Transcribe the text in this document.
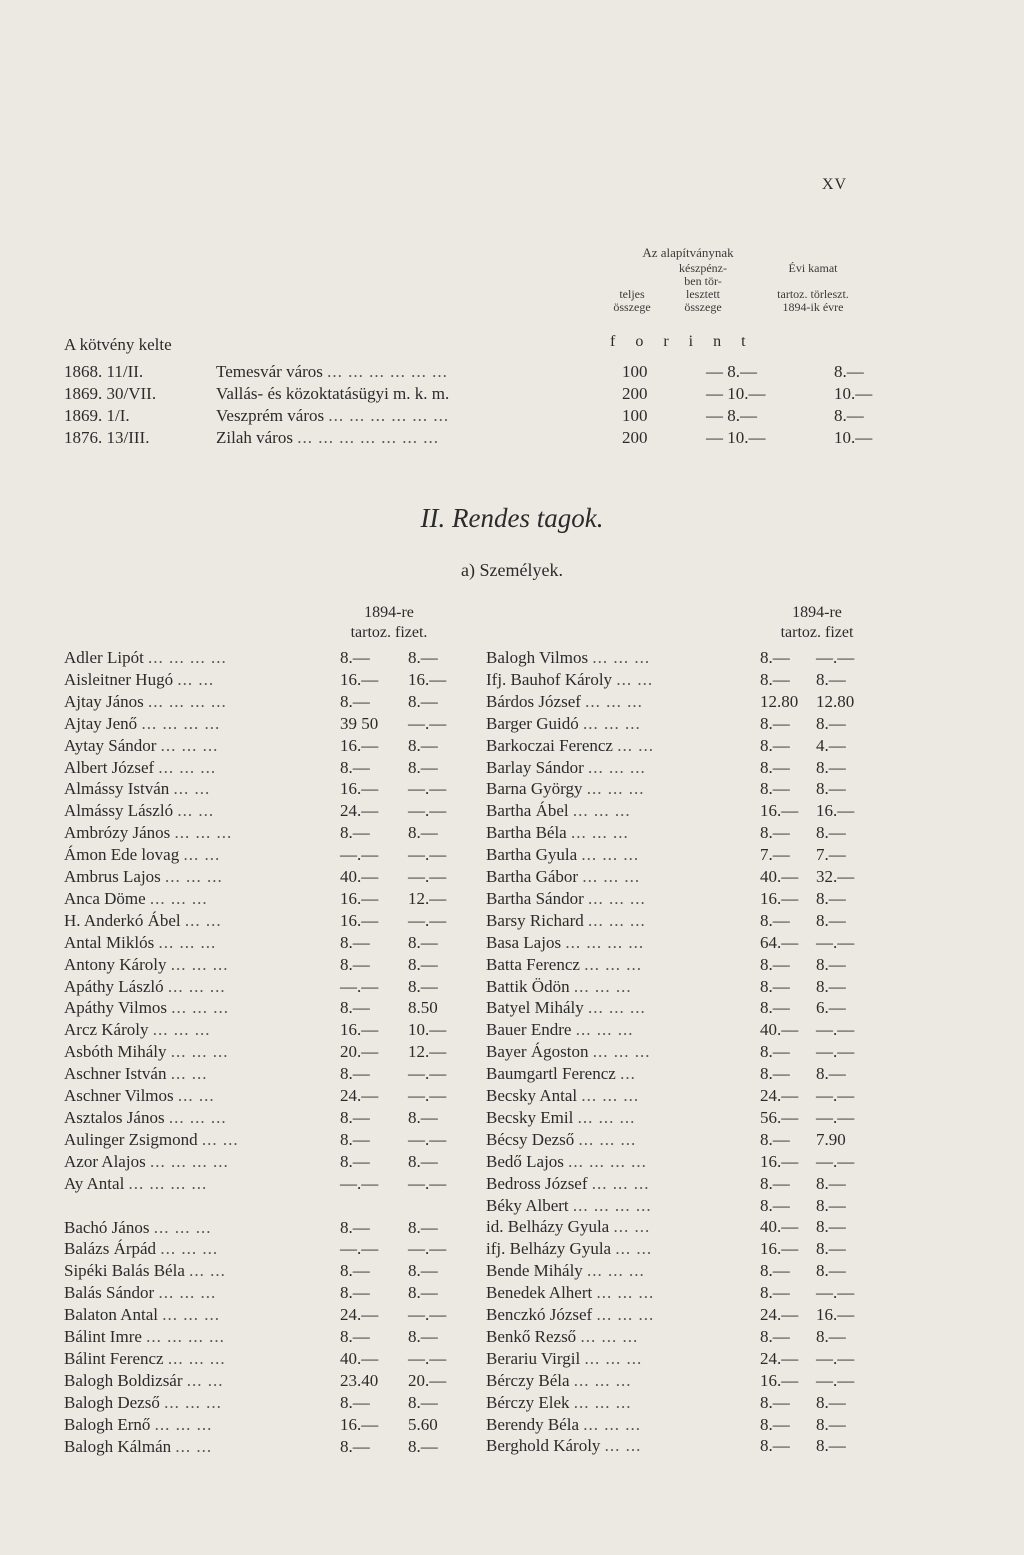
XV
Az alapítványnak
készpénz-
ben tör-
lesztett
összege
teljes
összege
Évi kamat
tartoz. törleszt.
1894-ik évre
A kötvény kelte	f o r i n t
1868. 11/II.	Temesvár város ... ... ... ... ... ...	100	— 8.—	8.—
1869. 30/VII.	Vallás- és közoktatásügyi m. k. m.	200	— 10.—	10.—
1869. 1/I.	Veszprém város ... ... ... ... ... ...	100	— 8.—	8.—
1876. 13/III.	Zilah város ... ... ... ... ... ... ...	200	— 10.—	10.—
II. Rendes tagok.
a) Személyek.
1894-re
tartoz. fizet.
1894-re
tartoz. fizet
Adler Lipót ... ... ... ...	8.— 8.—
Aisleitner Hugó ... ...	16.— 16.—
Ajtay János ... ... ... ...	8.— 8.—
Ajtay Jenő ... ... ... ...	39 50 —.—
Aytay Sándor ... ... ...	16.— 8.—
Albert József ... ... ...	8.— 8.—
Almássy István ... ...	16.— —.—
Almássy László ... ...	24.— —.—
Ambrózy János ... ... ...	8.— 8.—
Ámon Ede lovag ... ...	—.— —.—
Ambrus Lajos ... ... ...	40.— —.—
Anca Döme ... ... ...	16.— 12.—
H. Anderkó Ábel ... ...	16.— —.—
Antal Miklós ... ... ...	8.— 8.—
Antony Károly ... ... ...	8.— 8.—
Apáthy László ... ... ...	—.— 8.—
Apáthy Vilmos ... ... ...	8.— 8.50
Arcz Károly ... ... ...	16.— 10.—
Asbóth Mihály ... ... ...	20.— 12.—
Aschner István ... ...	8.— —.—
Aschner Vilmos ... ...	24.— —.—
Asztalos János ... ... ...	8.— 8.—
Aulinger Zsigmond ... ...	8.— —.—
Azor Alajos ... ... ... ...	8.— 8.—
Ay Antal ... ... ... ...	—.— —.—
Bachó János ... ... ...	8.— 8.—
Balázs Árpád ... ... ...	—.— —.—
Sipéki Balás Béla ... ...	8.— 8.—
Balás Sándor ... ... ...	8.— 8.—
Balaton Antal ... ... ...	24.— —.—
Bálint Imre ... ... ... ...	8.— 8.—
Bálint Ferencz ... ... ...	40.— —.—
Balogh Boldizsár ... ...	23.40 20.—
Balogh Dezső ... ... ...	8.— 8.—
Balogh Ernő ... ... ...	16.— 5.60
Balogh Kálmán ... ...	8.— 8.—
Balogh Vilmos ... ... ...	8.— —.—
Ifj. Bauhof Károly ... ...	8.— 8.—
Bárdos József ... ... ...	12.80 12.80
Barger Guidó ... ... ...	8.— 8.—
Barkoczai Ferencz ... ...	8.— 4.—
Barlay Sándor ... ... ...	8.— 8.—
Barna György ... ... ...	8.— 8.—
Bartha Ábel ... ... ...	16.— 16.—
Bartha Béla ... ... ...	8.— 8.—
Bartha Gyula ... ... ...	7.— 7.—
Bartha Gábor ... ... ...	40.— 32.—
Bartha Sándor ... ... ...	16.— 8.—
Barsy Richard ... ... ...	8.— 8.—
Basa Lajos ... ... ... ...	64.— —.—
Batta Ferencz ... ... ...	8.— 8.—
Battik Ödön ... ... ...	8.— 8.—
Batyel Mihály ... ... ...	8.— 6.—
Bauer Endre ... ... ...	40.— —.—
Bayer Ágoston ... ... ...	8.— —.—
Baumgartl Ferencz ...	8.— 8.—
Becsky Antal ... ... ...	24.— —.—
Becsky Emil ... ... ...	56.— —.—
Bécsy Dezső ... ... ...	8.— 7.90
Bedő Lajos ... ... ... ...	16.— —.—
Bedross József ... ... ...	8.— 8.—
Béky Albert ... ... ... ...	8.— 8.—
id. Belházy Gyula ... ...	40.— 8.—
ifj. Belházy Gyula ... ...	16.— 8.—
Bende Mihály ... ... ...	8.— 8.—
Benedek Alhert ... ... ...	8.— —.—
Benczkó József ... ... ...	24.— 16.—
Benkő Rezső ... ... ...	8.— 8.—
Berariu Virgil ... ... ...	24.— —.—
Bérczy Béla ... ... ...	16.— —.—
Bérczy Elek ... ... ...	8.— 8.—
Berendy Béla ... ... ...	8.— 8.—
Berghold Károly ... ...	8.— 8.—
